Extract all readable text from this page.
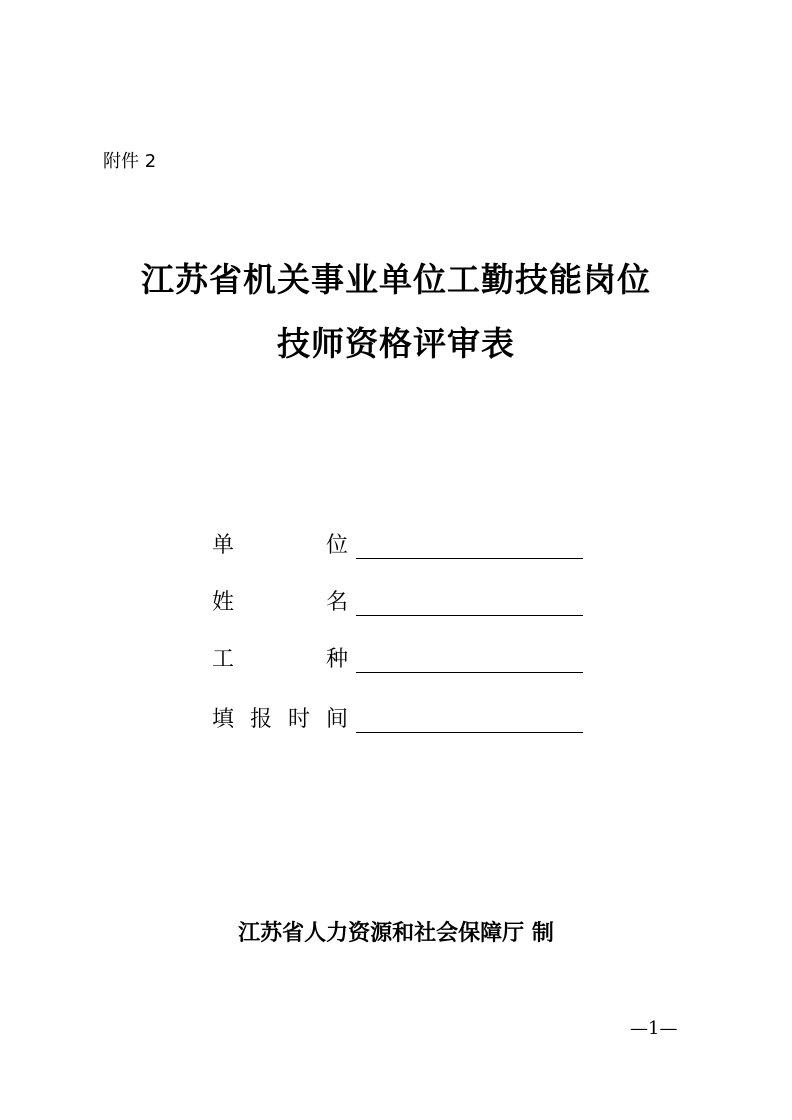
附件 2
江苏省机关事业单位工勤技能岗位
技师资格评审表
单	位
姓	名
工	种
填 报 时 间
江苏省人力资源和社会保障厅 制
—1—
